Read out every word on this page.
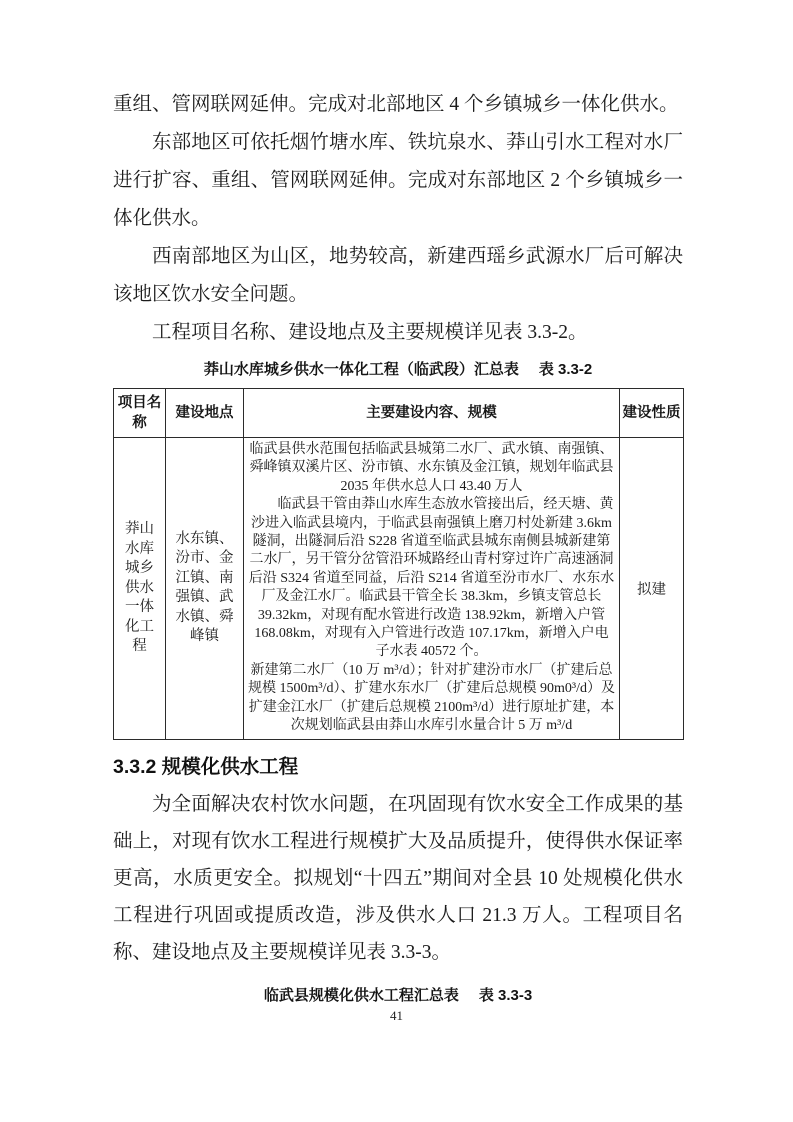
重组、管网联网延伸。完成对北部地区 4 个乡镇城乡一体化供水。

东部地区可依托烟竹塘水库、铁坑泉水、莽山引水工程对水厂进行扩容、重组、管网联网延伸。完成对东部地区 2 个乡镇城乡一体化供水。

西南部地区为山区，地势较高，新建西瑶乡武源水厂后可解决该地区饮水安全问题。

工程项目名称、建设地点及主要规模详见表 3.3-2。

莽山水库城乡供水一体化工程（临武段）汇总表 表 3.3-2
项目名称	建设地点	主要建设内容、规模	建设性质
莽山水库城乡供水一体化工程	水东镇、汾市、金江镇、南强镇、武水镇、舜峰镇	临武县供水范围包括临武县城第二水厂、武水镇、南强镇、舜峰镇双溪片区、汾市镇、水东镇及金江镇，规划年临武县 2035 年供水总人口 43.40 万人

临武县干管由莽山水库生态放水管接出后，经天塘、黄沙进入临武县境内，于临武县南强镇上磨刀村处新建 3.6km 隧洞，出隧洞后沿 S228 省道至临武县城东南侧县城新建第二水厂，另干管分岔管沿环城路经山青村穿过许广高速涵洞后沿 S324 省道至同益，后沿 S214 省道至汾市水厂、水东水厂及金江水厂。临武县干管全长 38.3km，乡镇支管总长 39.32km，对现有配水管进行改造 138.92km，新增入户管 168.08km，对现有入户管进行改造 107.17km，新增入户电子水表 40572 个。

新建第二水厂（10 万 m³/d）；针对扩建汾市水厂（扩建后总规模 1500m³/d）、扩建水东水厂（扩建后总规模 90m0³/d）及扩建金江水厂（扩建后总规模 2100m³/d）进行原址扩建，本次规划临武县由莽山水库引水量合计 5 万 m³/d	拟建
3.3.2 规模化供水工程

为全面解决农村饮水问题，在巩固现有饮水安全工作成果的基础上，对现有饮水工程进行规模扩大及品质提升，使得供水保证率更高，水质更安全。拟规划“十四五”期间对全县 10 处规模化供水工程进行巩固或提质改造，涉及供水人口 21.3 万人。工程项目名称、建设地点及主要规模详见表 3.3-3。

临武县规模化供水工程汇总表 表 3.3-3
41
